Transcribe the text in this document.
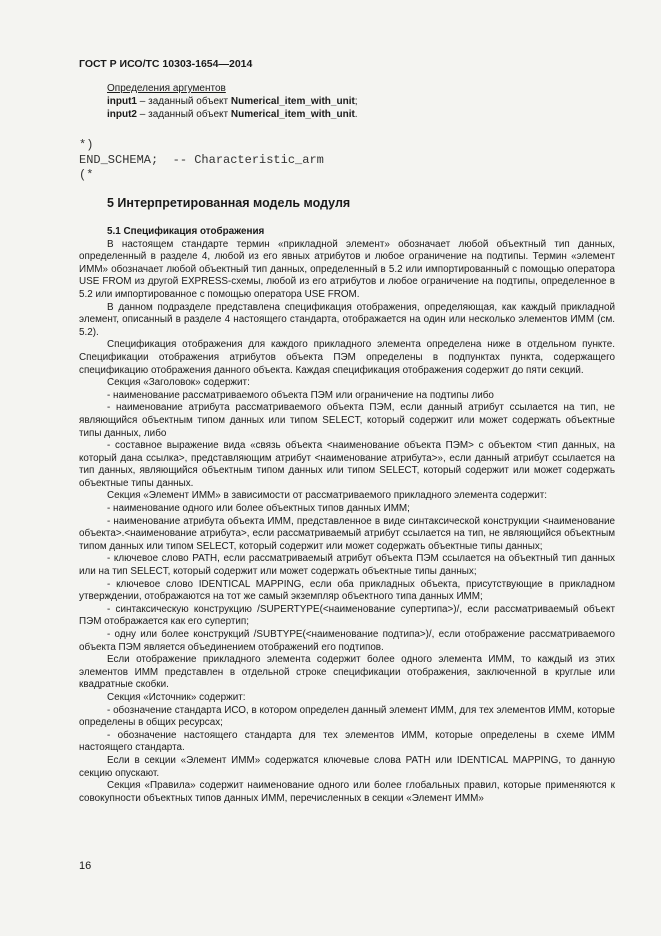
ГОСТ Р ИСО/ТС 10303-1654—2014
Определения аргументов
input1 – заданный объект Numerical_item_with_unit;
input2 – заданный объект Numerical_item_with_unit.
*)
END_SCHEMA;  -- Characteristic_arm
(*
5 Интерпретированная модель модуля

5.1 Спецификация отображения

В настоящем стандарте термин «прикладной элемент» обозначает любой объектный тип данных, определенный в разделе 4, любой из его явных атрибутов и любое ограничение на подтипы. Термин «элемент ИММ» обозначает любой объектный тип данных, определенный в 5.2 или импортированный с помощью оператора USE FROM из другой EXPRESS-схемы, любой из его атрибутов и любое ограничение на подтипы, определенное в 5.2 или импортированное с помощью оператора USE FROM.

В данном подразделе представлена спецификация отображения, определяющая, как каждый прикладной элемент, описанный в разделе 4 настоящего стандарта, отображается на один или несколько элементов ИММ (см. 5.2).

Спецификация отображения для каждого прикладного элемента определена ниже в отдельном пункте. Спецификации отображения атрибутов объекта ПЭМ определены в подпунктах пункта, содержащего спецификацию отображения данного объекта. Каждая спецификация отображения содержит до пяти секций.

Секция «Заголовок» содержит:

- наименование рассматриваемого объекта ПЭМ или ограничение на подтипы либо

- наименование атрибута рассматриваемого объекта ПЭМ, если данный атрибут ссылается на тип, не являющийся объектным типом данных или типом SELECT, который содержит или может содержать объектные типы данных, либо

- составное выражение вида «связь объекта <наименование объекта ПЭМ> с объектом <тип данных, на который дана ссылка>, представляющим атрибут <наименование атрибута>», если данный атрибут ссылается на тип данных, являющийся объектным типом данных или типом SELECT, который содержит или может содержать объектные типы данных.

Секция «Элемент ИММ» в зависимости от рассматриваемого прикладного элемента содержит:

- наименование одного или более объектных типов данных ИММ;

- наименование атрибута объекта ИММ, представленное в виде синтаксической конструкции <наименование объекта>.<наименование атрибута>, если рассматриваемый атрибут ссылается на тип, не являющийся объектным типом данных или типом SELECT, который содержит или может содержать объектные типы данных;

- ключевое слово PATH, если рассматриваемый атрибут объекта ПЭМ ссылается на объектный тип данных или на тип SELECT, который содержит или может содержать объектные типы данных;

- ключевое слово IDENTICAL MAPPING, если оба прикладных объекта, присутствующие в прикладном утверждении, отображаются на тот же самый экземпляр объектного типа данных ИММ;

- синтаксическую конструкцию /SUPERTYPE(<наименование супертипа>)/, если рассматриваемый объект ПЭМ отображается как его супертип;

- одну или более конструкций /SUBTYPE(<наименование подтипа>)/, если отображение рассматриваемого объекта ПЭМ является объединением отображений его подтипов.

Если отображение прикладного элемента содержит более одного элемента ИММ, то каждый из этих элементов ИММ представлен в отдельной строке спецификации отображения, заключенной в круглые или квадратные скобки.

Секция «Источник» содержит:

- обозначение стандарта ИСО, в котором определен данный элемент ИММ, для тех элементов ИММ, которые определены в общих ресурсах;

- обозначение настоящего стандарта для тех элементов ИММ, которые определены в схеме ИММ настоящего стандарта.

Если в секции «Элемент ИММ» содержатся ключевые слова PATH или IDENTICAL MAPPING, то данную секцию опускают.

Секция «Правила» содержит наименование одного или более глобальных правил, которые применяются к совокупности объектных типов данных ИММ, перечисленных в секции «Элемент ИММ»

16
